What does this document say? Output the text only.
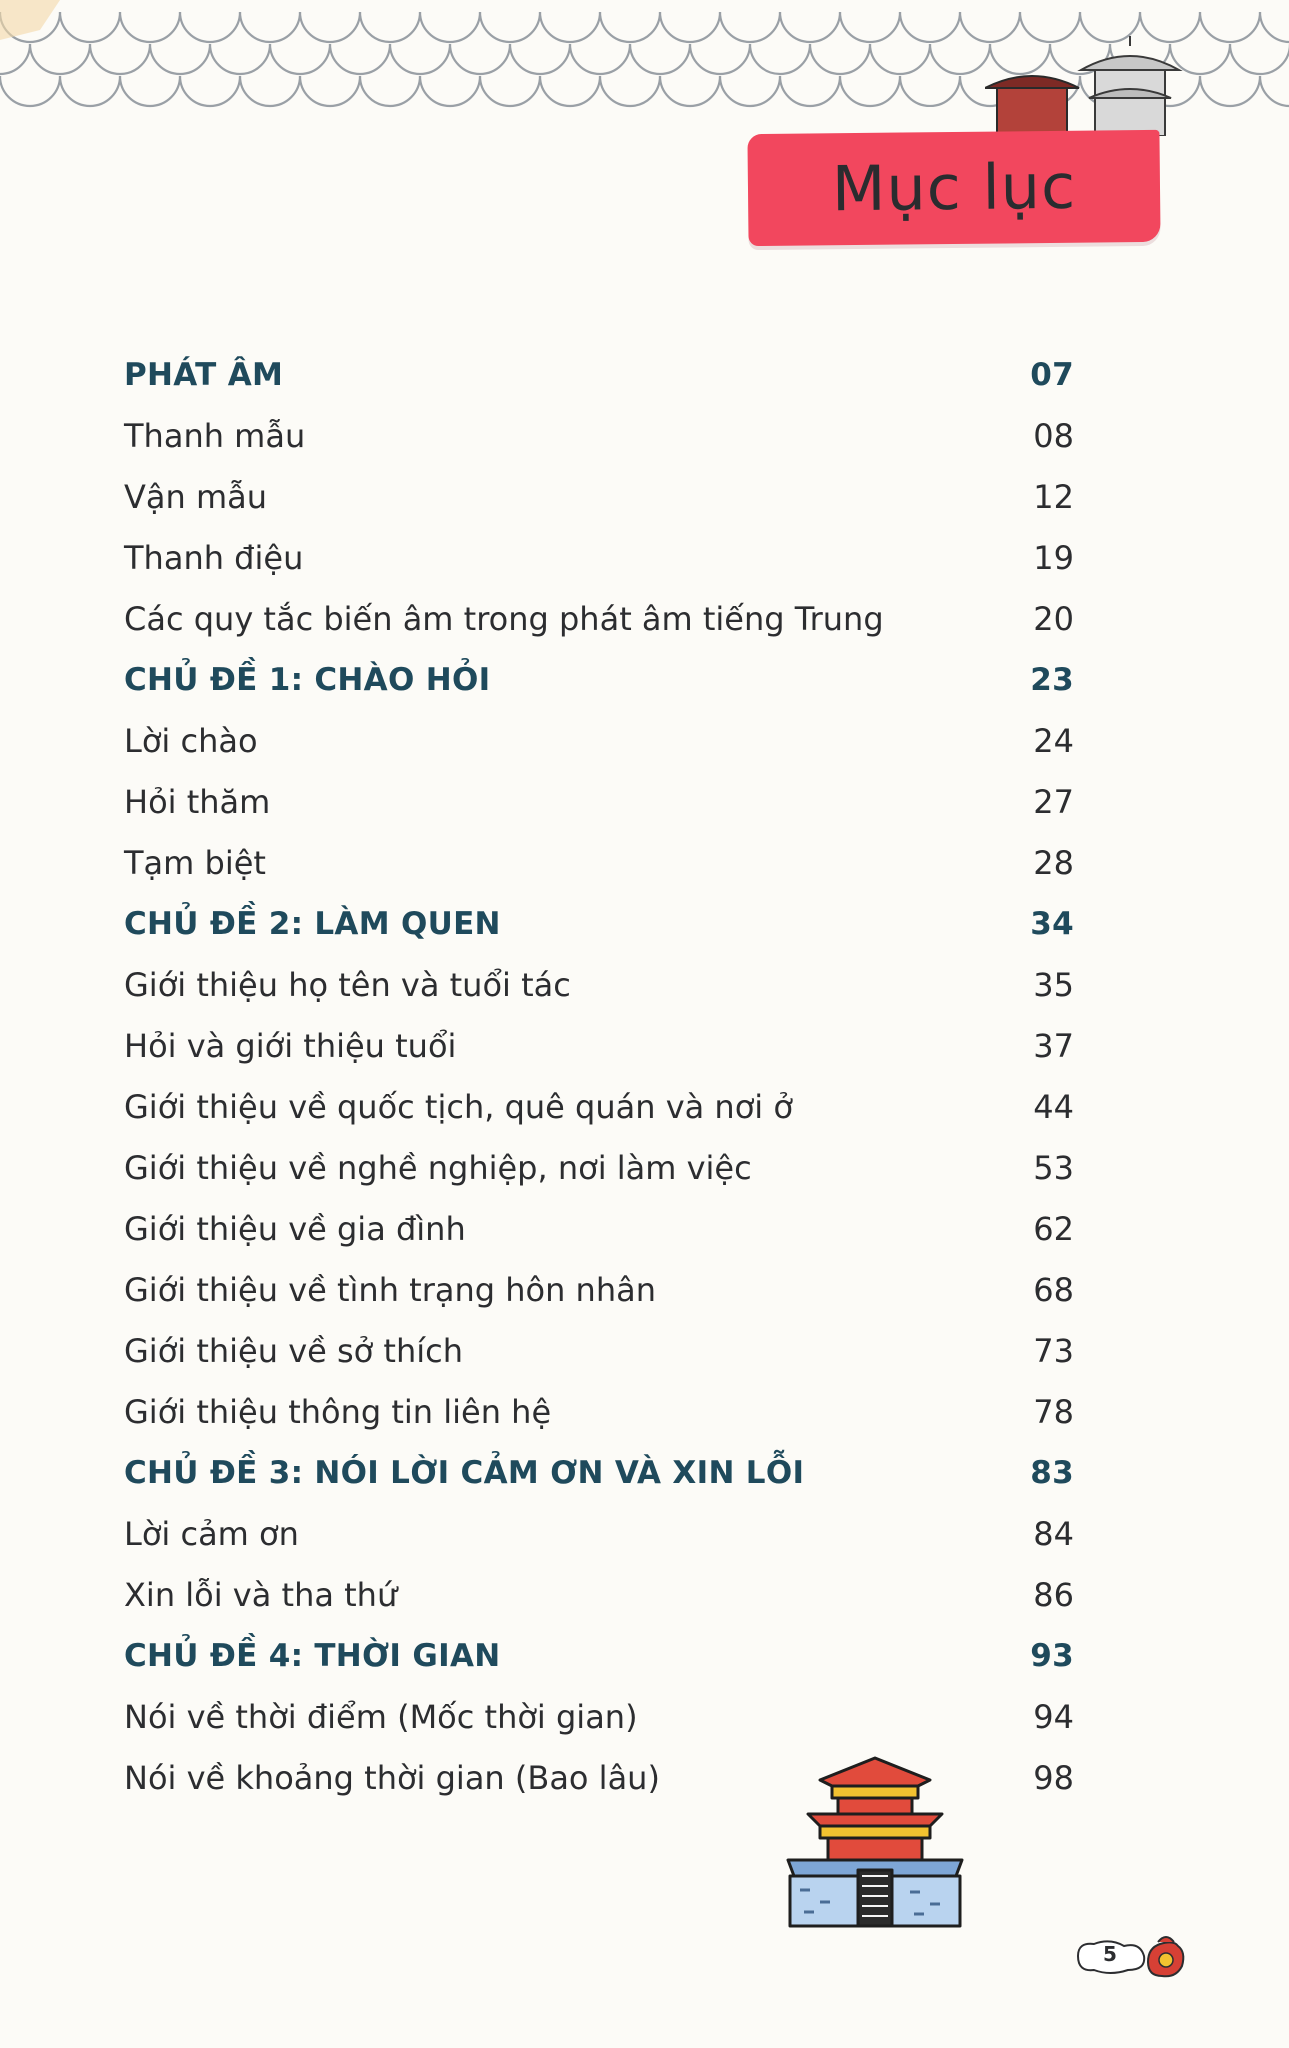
Mục lục
PHÁT ÂM	07
Thanh mẫu	08
Vận mẫu	12
Thanh điệu	19
Các quy tắc biến âm trong phát âm tiếng Trung	20
CHỦ ĐỀ 1: CHÀO HỎI	23
Lời chào	24
Hỏi thăm	27
Tạm biệt	28
CHỦ ĐỀ 2: LÀM QUEN	34
Giới thiệu họ tên và tuổi tác	35
Hỏi và giới thiệu tuổi	37
Giới thiệu về quốc tịch, quê quán và nơi ở	44
Giới thiệu về nghề nghiệp, nơi làm việc	53
Giới thiệu về gia đình	62
Giới thiệu về tình trạng hôn nhân	68
Giới thiệu về sở thích	73
Giới thiệu thông tin liên hệ	78
CHỦ ĐỀ 3: NÓI LỜI CẢM ƠN VÀ XIN LỖI	83
Lời cảm ơn	84
Xin lỗi và tha thứ	86
CHỦ ĐỀ 4: THỜI GIAN	93
Nói về thời điểm (Mốc thời gian)	94
Nói về khoảng thời gian (Bao lâu)	98
5
